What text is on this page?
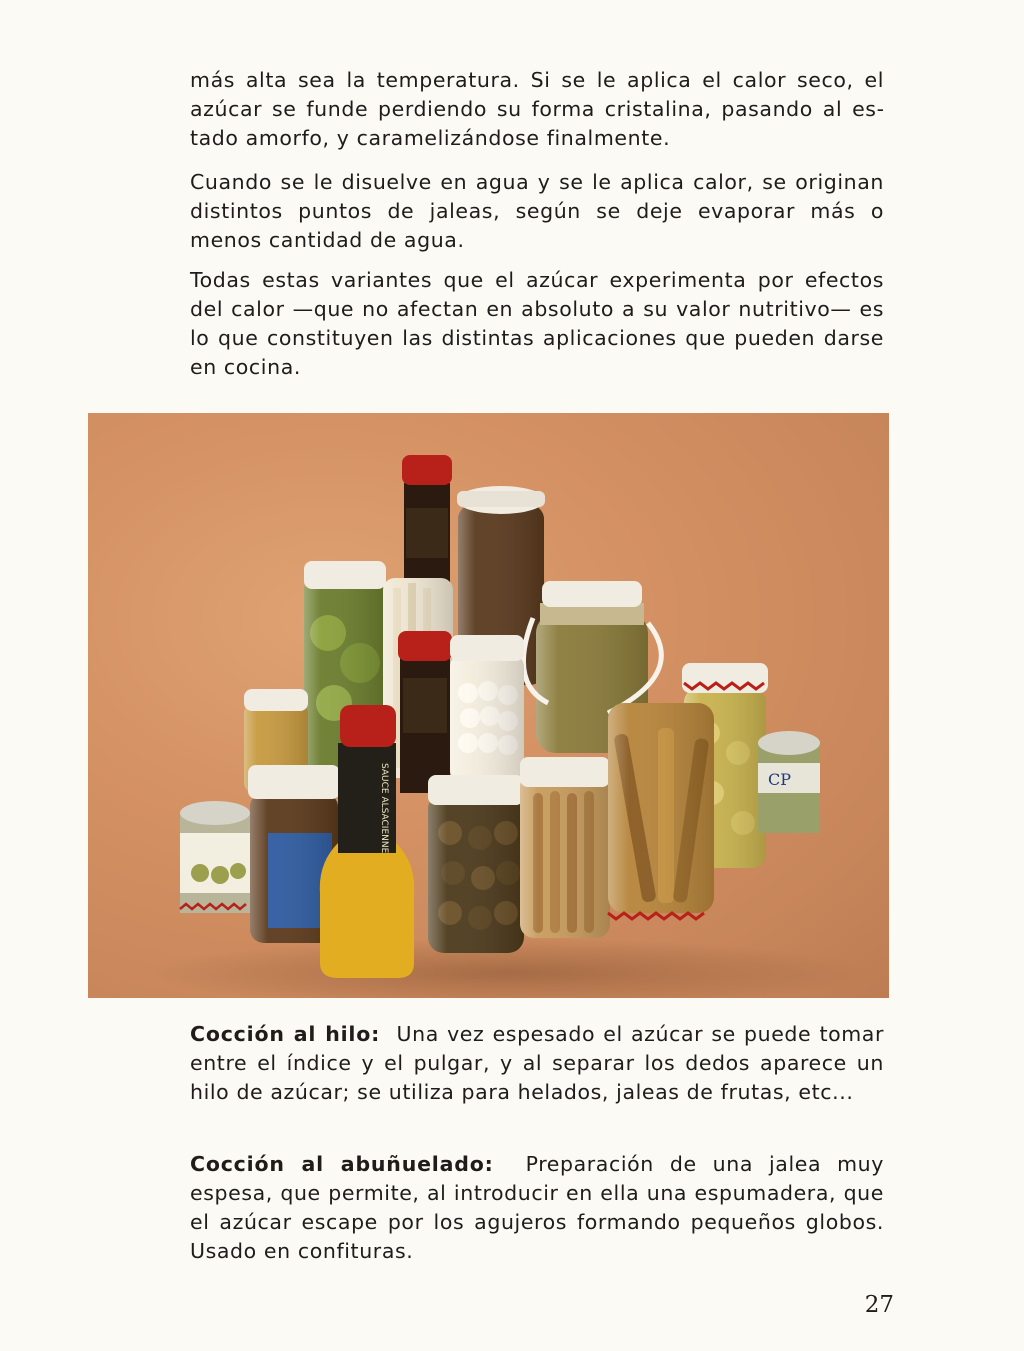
más alta sea la temperatura. Si se le aplica el calor seco, el azúcar se funde perdiendo su forma cristalina, pasando al estado amorfo, y caramelizándose finalmente.

Cuando se le disuelve en agua y se le aplica calor, se originan distintos puntos de jaleas, según se deje evaporar más o menos cantidad de agua.

Todas estas variantes que el azúcar experimenta por efectos del calor —que no afectan en absoluto a su valor nutritivo— es lo que constituyen las distintas aplicaciones que pueden darse en cocina.

CP
SAUCE ALSACIENNE

Cocción al hilo: Una vez espesado el azúcar se puede tomar entre el índice y el pulgar, y al separar los dedos aparece un hilo de azúcar; se utiliza para helados, jaleas de frutas, etc...

Cocción al abuñuelado: Preparación de una jalea muy espesa, que permite, al introducir en ella una espumadera, que el azúcar escape por los agujeros formando pequeños globos. Usado en confituras.

27
